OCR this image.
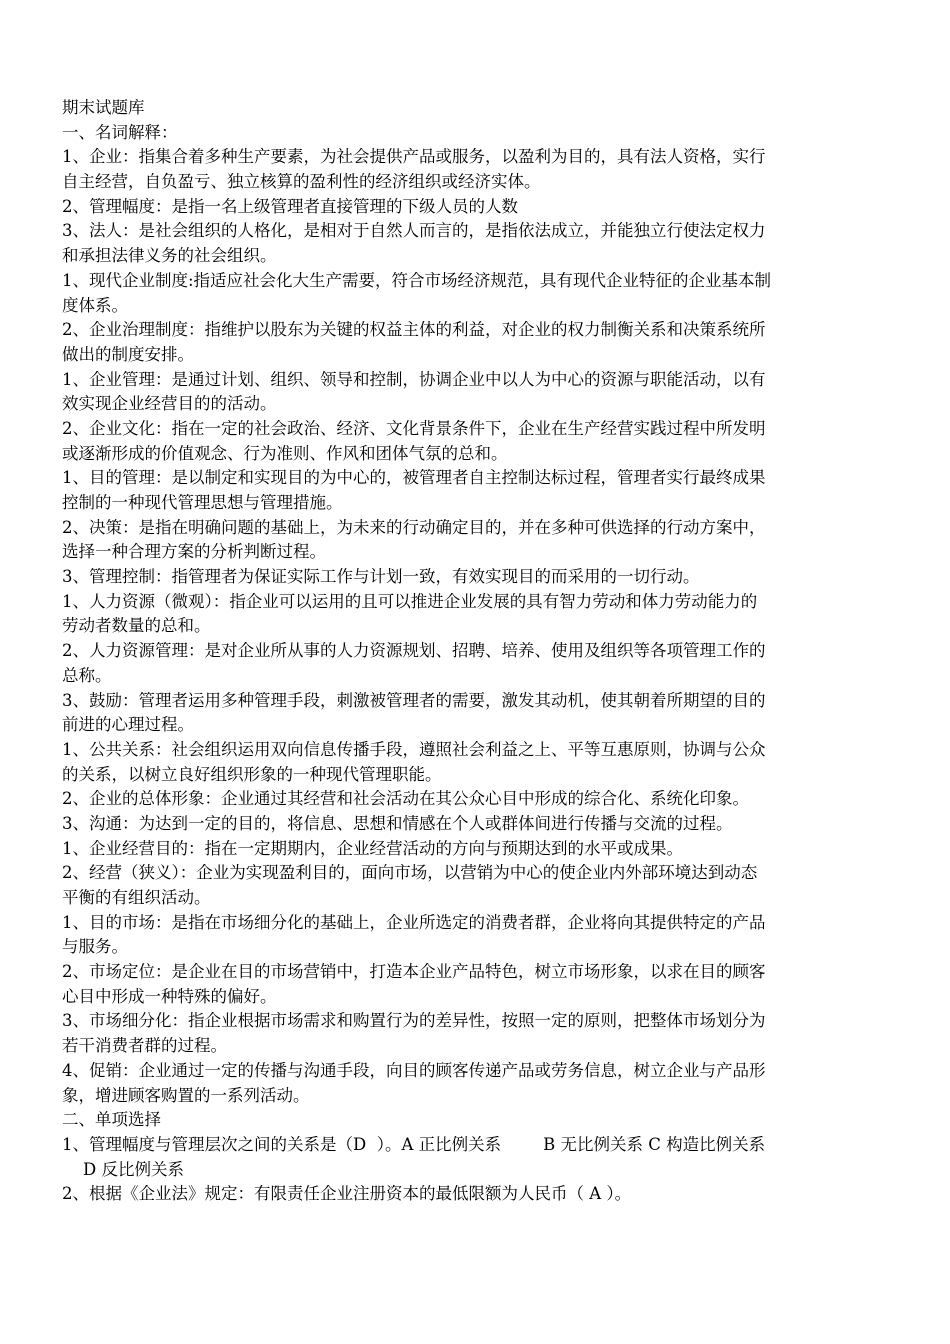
期末试题库
一、名词解释：
1、企业：指集合着多种生产要素，为社会提供产品或服务，以盈利为目的，具有法人资格，实行
自主经营，自负盈亏、独立核算的盈利性的经济组织或经济实体。
2、管理幅度：是指一名上级管理者直接管理的下级人员的人数
3、法人：是社会组织的人格化，是相对于自然人而言的，是指依法成立，并能独立行使法定权力
和承担法律义务的社会组织。
1、现代企业制度:指适应社会化大生产需要，符合市场经济规范，具有现代企业特征的企业基本制
度体系。
2、企业治理制度：指维护以股东为关键的权益主体的利益，对企业的权力制衡关系和决策系统所
做出的制度安排。
1、企业管理：是通过计划、组织、领导和控制，协调企业中以人为中心的资源与职能活动，以有
效实现企业经营目的的活动。
2、企业文化：指在一定的社会政治、经济、文化背景条件下，企业在生产经营实践过程中所发明
或逐渐形成的价值观念、行为准则、作风和团体气氛的总和。
1、目的管理：是以制定和实现目的为中心的，被管理者自主控制达标过程，管理者实行最终成果
控制的一种现代管理思想与管理措施。
2、决策：是指在明确问题的基础上，为未来的行动确定目的，并在多种可供选择的行动方案中，
选择一种合理方案的分析判断过程。
3、管理控制：指管理者为保证实际工作与计划一致，有效实现目的而采用的一切行动。
1、人力资源（微观）：指企业可以运用的且可以推进企业发展的具有智力劳动和体力劳动能力的
劳动者数量的总和。
2、人力资源管理：是对企业所从事的人力资源规划、招聘、培养、使用及组织等各项管理工作的
总称。
3、鼓励：管理者运用多种管理手段，刺激被管理者的需要，激发其动机，使其朝着所期望的目的
前进的心理过程。
1、公共关系：社会组织运用双向信息传播手段，遵照社会利益之上、平等互惠原则，协调与公众
的关系，以树立良好组织形象的一种现代管理职能。
2、企业的总体形象：企业通过其经营和社会活动在其公众心目中形成的综合化、系统化印象。
3、沟通：为达到一定的目的，将信息、思想和情感在个人或群体间进行传播与交流的过程。
1、企业经营目的：指在一定期期内，企业经营活动的方向与预期达到的水平或成果。
2、经营（狭义）：企业为实现盈利目的，面向市场，以营销为中心的使企业内外部环境达到动态
平衡的有组织活动。
1、目的市场：是指在市场细分化的基础上，企业所选定的消费者群，企业将向其提供特定的产品
与服务。
2、市场定位：是企业在目的市场营销中，打造本企业产品特色，树立市场形象，以求在目的顾客
心目中形成一种特殊的偏好。
3、市场细分化：指企业根据市场需求和购置行为的差异性，按照一定的原则，把整体市场划分为
若干消费者群的过程。
4、促销：企业通过一定的传播与沟通手段，向目的顾客传递产品或劳务信息，树立企业与产品形
象，增进顾客购置的一系列活动。
二、单项选择
1、管理幅度与管理层次之间的关系是（D  ）。A 正比例关系        B 无比例关系 C 构造比例关系
D 反比例关系
2、根据《企业法》规定：有限责任企业注册资本的最低限额为人民币（ A ）。
